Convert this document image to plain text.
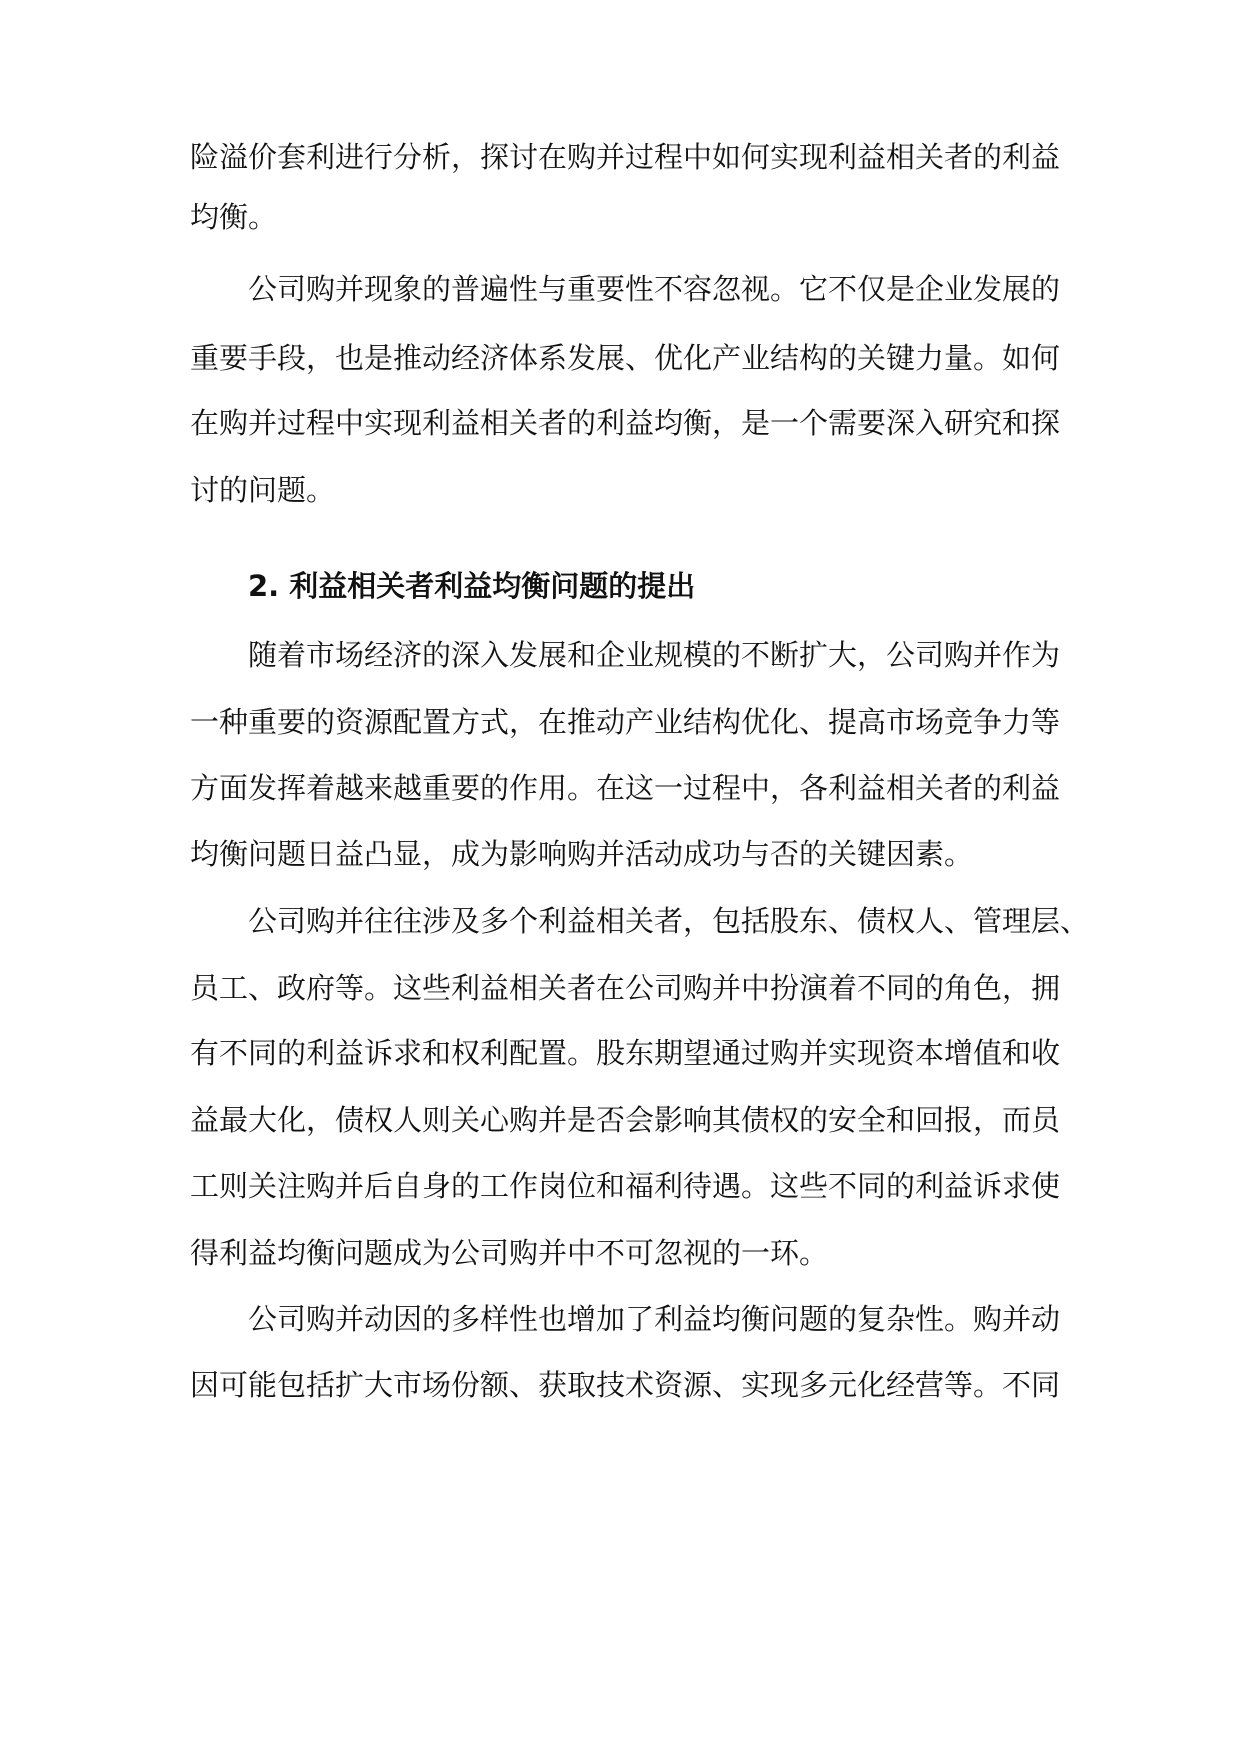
险溢价套利进行分析，探讨在购并过程中如何实现利益相关者的利益
均衡。
公司购并现象的普遍性与重要性不容忽视。它不仅是企业发展的
重要手段，也是推动经济体系发展、优化产业结构的关键力量。如何
在购并过程中实现利益相关者的利益均衡，是一个需要深入研究和探
讨的问题。
2. 利益相关者利益均衡问题的提出
随着市场经济的深入发展和企业规模的不断扩大，公司购并作为
一种重要的资源配置方式，在推动产业结构优化、提高市场竞争力等
方面发挥着越来越重要的作用。在这一过程中，各利益相关者的利益
均衡问题日益凸显，成为影响购并活动成功与否的关键因素。
公司购并往往涉及多个利益相关者，包括股东、债权人、管理层、
员工、政府等。这些利益相关者在公司购并中扮演着不同的角色，拥
有不同的利益诉求和权利配置。股东期望通过购并实现资本增值和收
益最大化，债权人则关心购并是否会影响其债权的安全和回报，而员
工则关注购并后自身的工作岗位和福利待遇。这些不同的利益诉求使
得利益均衡问题成为公司购并中不可忽视的一环。
公司购并动因的多样性也增加了利益均衡问题的复杂性。购并动
因可能包括扩大市场份额、获取技术资源、实现多元化经营等。不同
